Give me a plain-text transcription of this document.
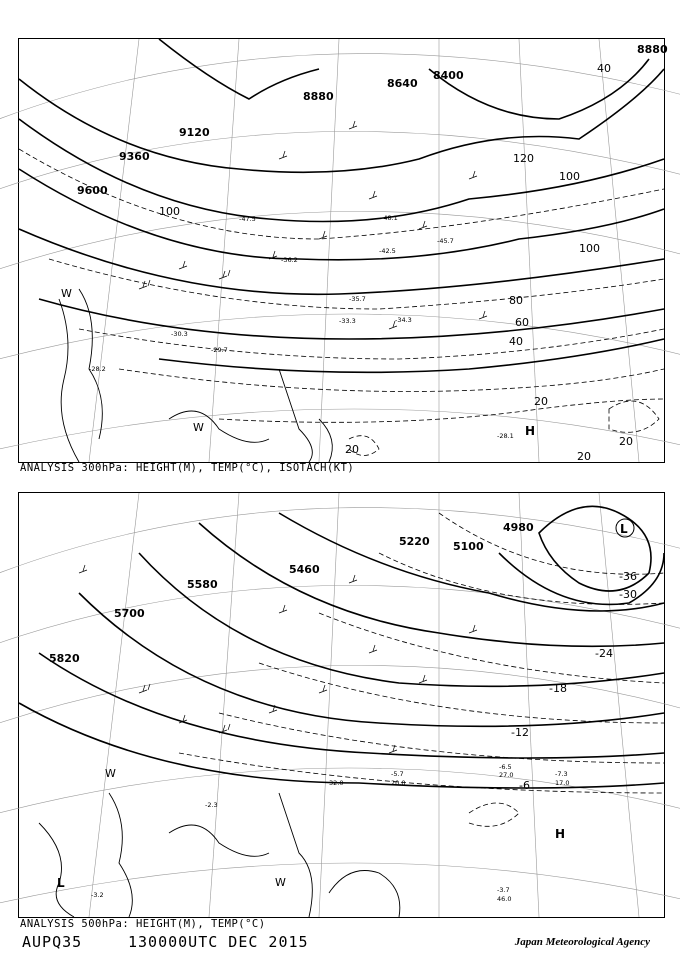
8880
8640
8400
8880
9120
9360
9600
120
100
40
100
100
80
60
40
20
20
20
20
-45.7
-47.5
-36.2
-34.3
-28.2
-35.7
-30.3
-33.3
-28.1
-29.7
-42.5
-48.1
H
W
W
ANALYSIS 300hPa: HEIGHT(M), TEMP(°C), ISOTACH(KT)
5220 5100
5460
5580
5700
5820
4980
-36
-30
-24
-18
-12
-6
-5.7
-6.5
-7.3
-3.7
-2.3
-3.2
27.0
17.0
46.0
20.0
32.0
H
L
L
W
W
ANALYSIS 500hPa: HEIGHT(M), TEMP(°C)
AUPQ35	130000UTC DEC 2015	Japan Meteorological Agency
